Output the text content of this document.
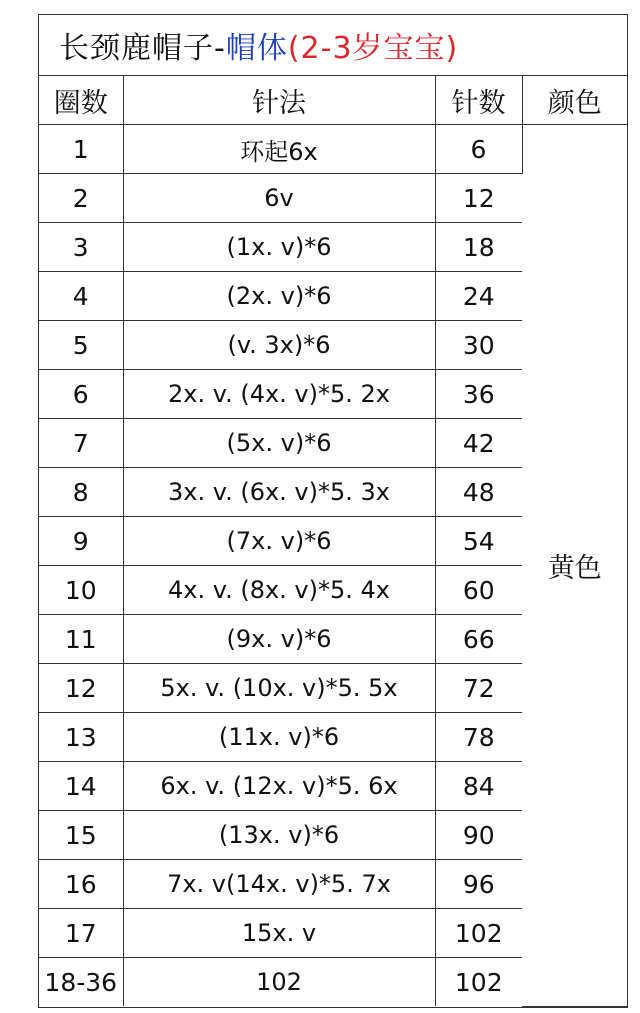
长颈鹿帽子- 帽体 (2-3岁宝宝)
圈数	针法	针数	颜色
1	环起6x	6	黄色
2	6v	12	
3	(1x. v)*6	18	
4	(2x. v)*6	24	
5	(v. 3x)*6	30	
6	2x. v. (4x. v)*5. 2x	36	
7	(5x. v)*6	42	
8	3x. v. (6x. v)*5. 3x	48	
9	(7x. v)*6	54	
10	4x. v. (8x. v)*5. 4x	60	
11	(9x. v)*6	66	
12	5x. v. (10x. v)*5. 5x	72	
13	(11x. v)*6	78	
14	6x. v. (12x. v)*5. 6x	84	
15	(13x. v)*6	90	
16	7x. v(14x. v)*5. 7x	96	
17	15x. v	102	
18-36	102	102	
